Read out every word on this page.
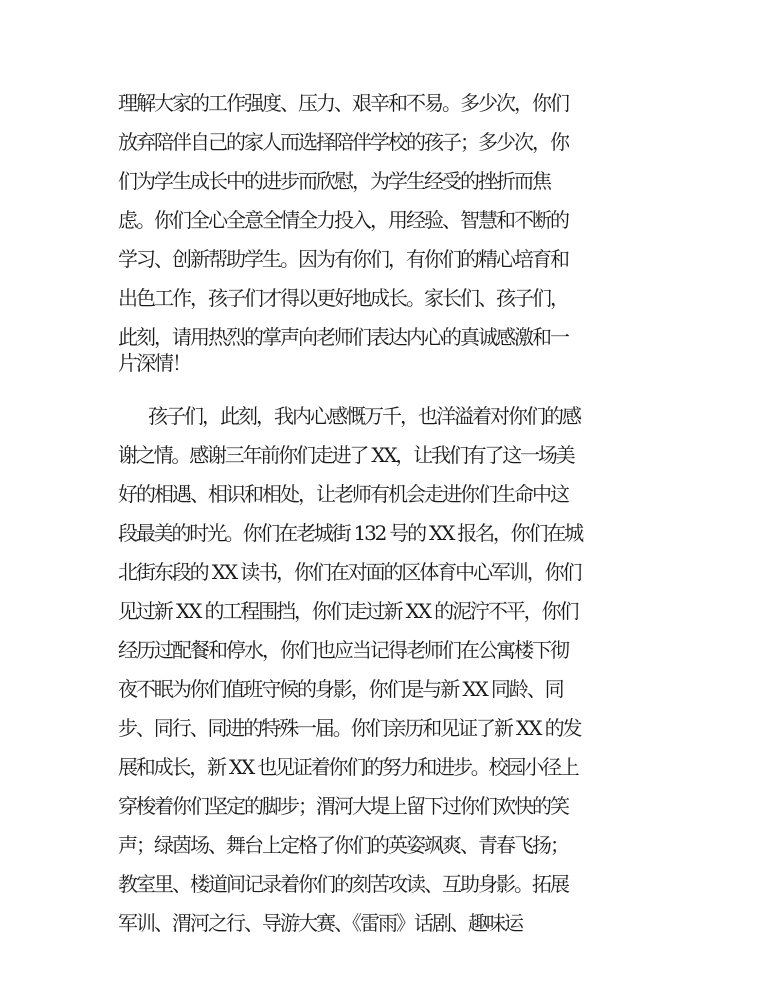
理解大家的工作强度、压力、艰辛和不易。多少次，你们
放弃陪伴自己的家人而选择陪伴学校的孩子；多少次，你
们为学生成长中的进步而欣慰，为学生经受的挫折而焦
虑。你们全心全意全情全力投入，用经验、智慧和不断的
学习、创新帮助学生。因为有你们，有你们的精心培育和
出色工作，孩子们才得以更好地成长。家长们、孩子们，
此刻，请用热烈的掌声向老师们表达内心的真诚感激和一
片深情！
孩子们，此刻，我内心感慨万千，也洋溢着对你们的感
谢之情。感谢三年前你们走进了 XX，让我们有了这一场美
好的相遇、相识和相处，让老师有机会走进你们生命中这
段最美的时光。你们在老城街 132 号的 XX 报名，你们在城
北街东段的 XX 读书，你们在对面的区体育中心军训，你们
见过新 XX 的工程围挡，你们走过新 XX 的泥泞不平，你们
经历过配餐和停水，你们也应当记得老师们在公寓楼下彻
夜不眠为你们值班守候的身影，你们是与新 XX 同龄、同
步、同行、同进的特殊一届。你们亲历和见证了新 XX 的发
展和成长，新 XX 也见证着你们的努力和进步。校园小径上
穿梭着你们坚定的脚步；渭河大堤上留下过你们欢快的笑
声；绿茵场、舞台上定格了你们的英姿飒爽、青春飞扬；
教室里、楼道间记录着你们的刻苦攻读、互助身影。拓展
军训、渭河之行、导游大赛、《雷雨》话剧、趣味运
